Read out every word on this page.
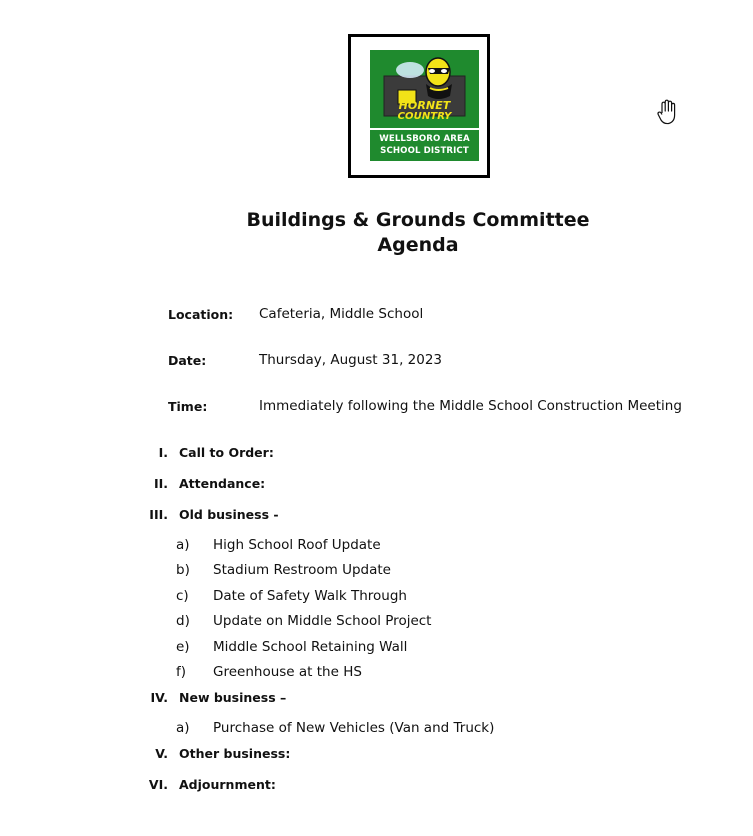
HORNET
COUNTRY
WELLSBORO AREA
SCHOOL DISTRICT
Buildings & Grounds Committee
Agenda
Location: Cafeteria, Middle School
Date:	Thursday, August 31, 2023
Time:	Immediately following the Middle School Construction Meeting
I. Call to Order:
II. Attendance:
III. Old business -
a) High School Roof Update
b) Stadium Restroom Update
c) Date of Safety Walk Through
d) Update on Middle School Project
e) Middle School Retaining Wall
f) Greenhouse at the HS
IV. New business –
a) Purchase of New Vehicles (Van and Truck)
V. Other business:
VI. Adjournment:
